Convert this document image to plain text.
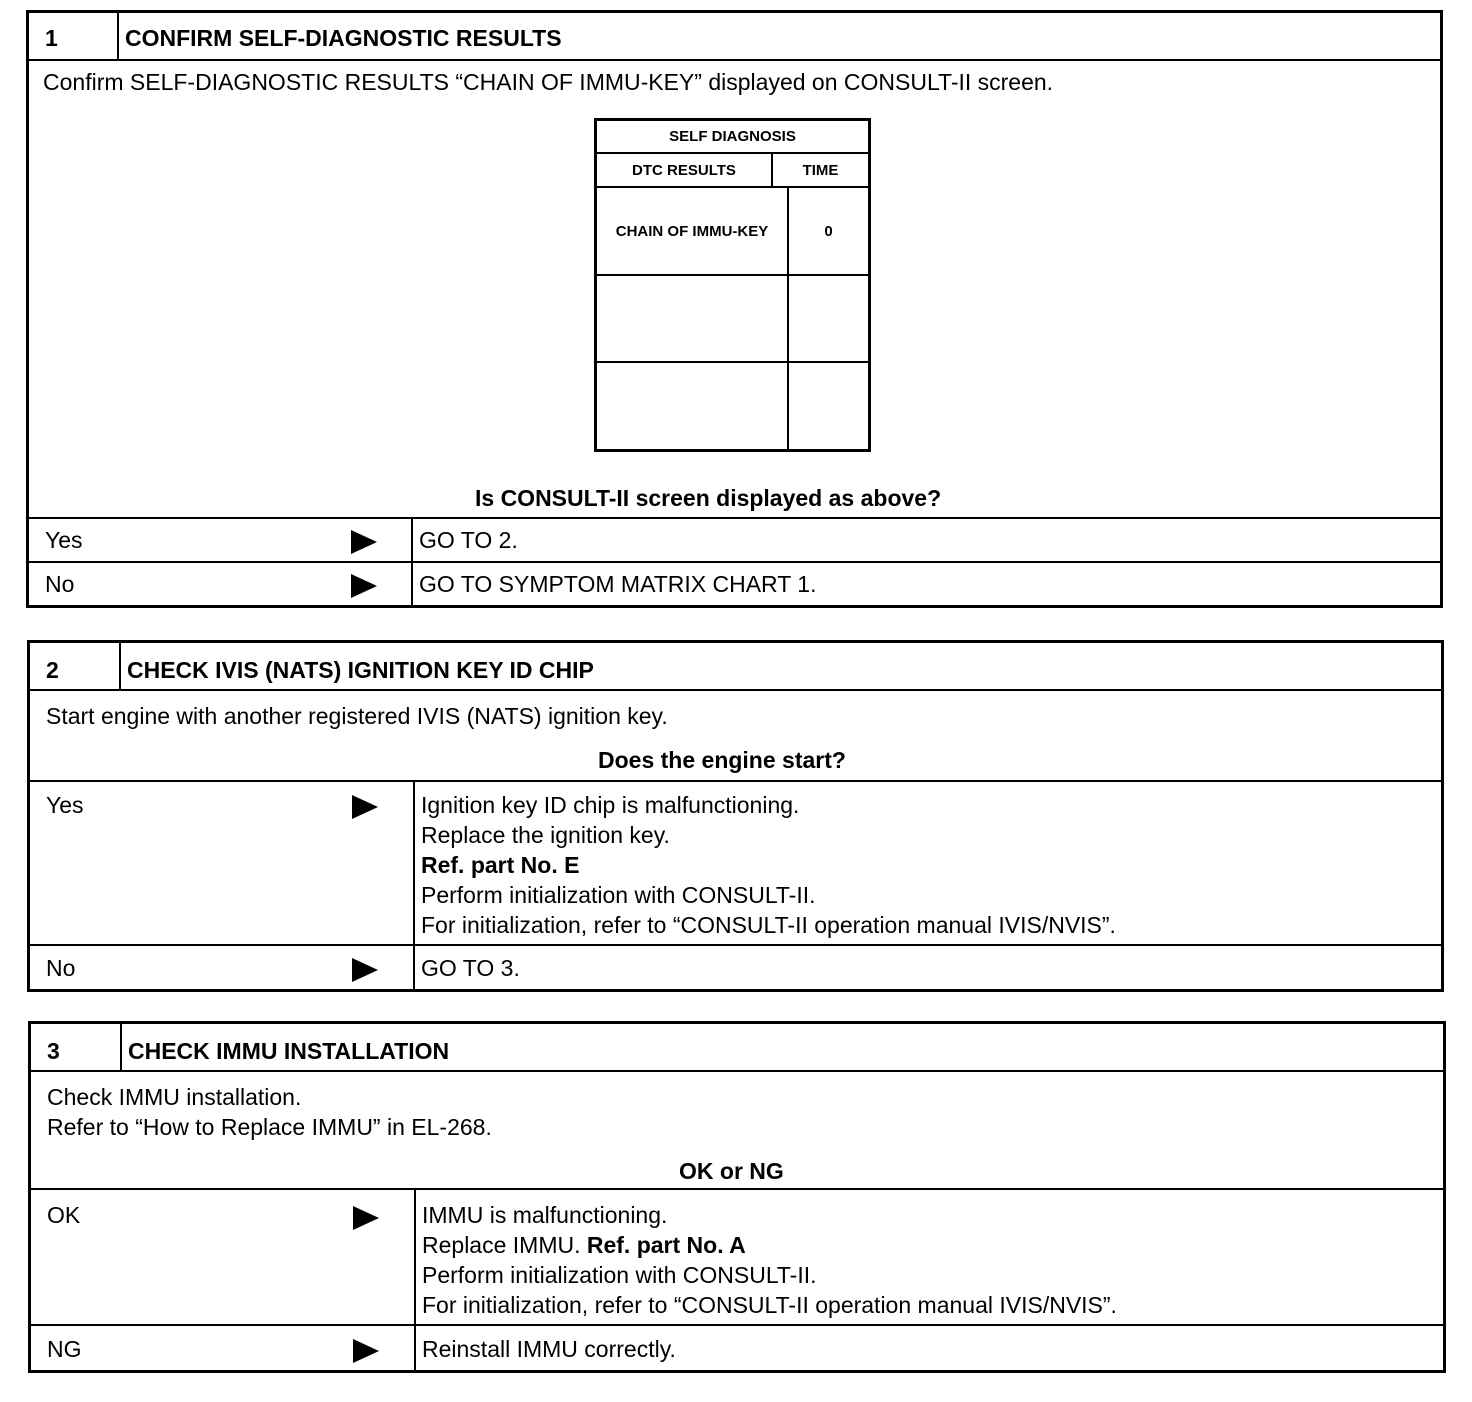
1	CONFIRM SELF-DIAGNOSTIC RESULTS
Confirm SELF-DIAGNOSTIC RESULTS “CHAIN OF IMMU-KEY” displayed on CONSULT-II screen.
SELF DIAGNOSIS
DTC RESULTS	TIME
CHAIN OF IMMU-KEY	0
Is CONSULT-II screen displayed as above?
Yes	GO TO 2.
No	GO TO SYMPTOM MATRIX CHART 1.
2	CHECK IVIS (NATS) IGNITION KEY ID CHIP
Start engine with another registered IVIS (NATS) ignition key.
Does the engine start?
Yes	Ignition key ID chip is malfunctioning.
Replace the ignition key.
Ref. part No. E
Perform initialization with CONSULT-II.
For initialization, refer to “CONSULT-II operation manual IVIS/NVIS”.
No	GO TO 3.
3	CHECK IMMU INSTALLATION
Check IMMU installation.
Refer to “How to Replace IMMU” in EL-268.
OK or NG
OK	IMMU is malfunctioning.
Replace IMMU. Ref. part No. A
Perform initialization with CONSULT-II.
For initialization, refer to “CONSULT-II operation manual IVIS/NVIS”.
NG	Reinstall IMMU correctly.
